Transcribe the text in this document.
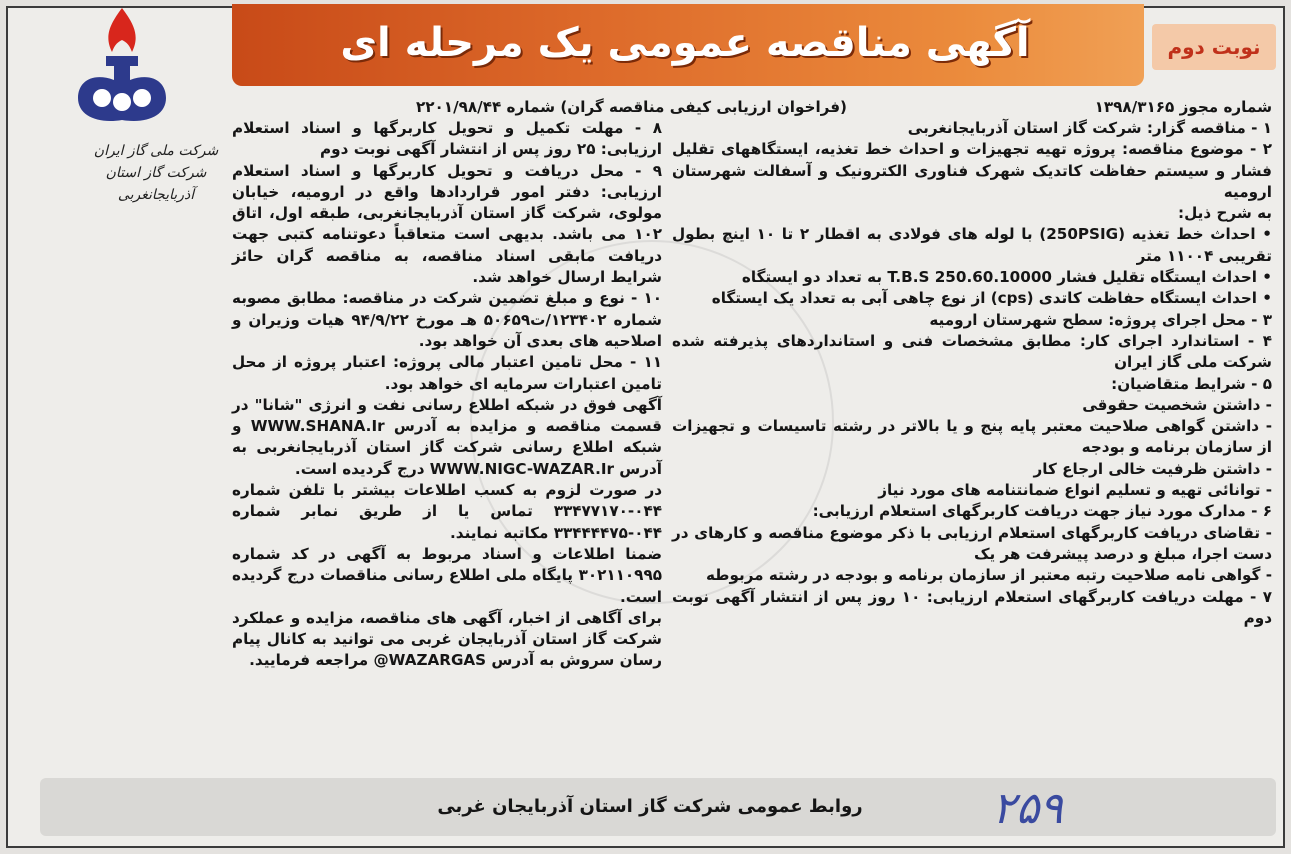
آگهی مناقصه عمومی یک مرحله ای	نوبت دوم
شرکت ملی گاز ایران
شرکت گاز استان آذربایجانغربی
شماره مجوز ۱۳۹۸/۳۱۶۵
(فراخوان ارزیابی کیفی مناقصه گران) شماره ۲۲۰۱/۹۸/۴۴

۱ - مناقصه گزار: شرکت گاز استان آذربایجانغربی

۲ - موضوع مناقصه: پروژه تهیه تجهیزات و احداث خط تغذیه، ایستگاههای تقلیل فشار و سیستم حفاظت کاتدیک شهرک فناوری الکترونیک و آسفالت شهرستان ارومیه

به شرح ذیل:

• احداث خط تغذیه (250PSIG) با لوله های فولادی به اقطار ۲ تا ۱۰ اینچ بطول تقریبی ۱۱۰۰۴ متر

• احداث ایستگاه تقلیل فشار T.B.S 250.60.10000 به تعداد دو ایستگاه

• احداث ایستگاه حفاظت کاتدی (cps) از نوع چاهی آبی به تعداد یک ایستگاه

۳ - محل اجرای پروژه: سطح شهرستان ارومیه

۴ - استاندارد اجرای کار: مطابق مشخصات فنی و استانداردهای پذیرفته شده شرکت ملی گاز ایران

۵ - شرایط متقاضیان:

- داشتن شخصیت حقوقی

- داشتن گواهی صلاحیت معتبر پایه پنج و یا بالاتر در رشته تاسیسات و تجهیزات از سازمان برنامه و بودجه

- داشتن ظرفیت خالی ارجاع کار

- توانائی تهیه و تسلیم انواع ضمانتنامه های مورد نیاز

۶ - مدارک مورد نیاز جهت دریافت کاربرگهای استعلام ارزیابی:

- تقاضای دریافت کاربرگهای استعلام ارزیابی با ذکر موضوع مناقصه و کارهای در دست اجرا، مبلغ و درصد پیشرفت هر یک

- گواهی نامه صلاحیت رتبه معتبر از سازمان برنامه و بودجه در رشته مربوطه

۷ - مهلت دریافت کاربرگهای استعلام ارزیابی: ۱۰ روز پس از انتشار آگهی نوبت دوم

۸ - مهلت تکمیل و تحویل کاربرگها و اسناد استعلام ارزیابی: ۲۵ روز پس از انتشار آگهی نوبت دوم

۹ - محل دریافت و تحویل کاربرگها و اسناد استعلام ارزیابی: دفتر امور قراردادها واقع در ارومیه، خیابان مولوی، شرکت گاز استان آذربایجانغربی، طبقه اول، اتاق ۱۰۲ می باشد. بدیهی است متعاقباً دعوتنامه کتبی جهت دریافت مابقی اسناد مناقصه، به مناقصه گران حائز شرایط ارسال خواهد شد.

۱۰ - نوع و مبلغ تضمین شرکت در مناقصه: مطابق مصوبه شماره ۱۲۳۴۰۲/ت۵۰۶۵۹ هـ مورخ ۹۴/۹/۲۲ هیات وزیران و اصلاحیه های بعدی آن خواهد بود.

۱۱ - محل تامین اعتبار مالی پروژه: اعتبار پروژه از محل تامین اعتبارات سرمایه ای خواهد بود.

آگهی فوق در شبکه اطلاع رسانی نفت و انرژی "شانا" در قسمت مناقصه و مزایده به آدرس WWW.SHANA.Ir و شبکه اطلاع رسانی شرکت گاز استان آذربایجانغربی به آدرس WWW.NIGC-WAZAR.Ir درج گردیده است.

در صورت لزوم به کسب اطلاعات بیشتر با تلفن شماره ۰۴۴-۳۳۴۷۷۱۷۰ تماس یا از طریق نمابر شماره ۰۴۴-۳۳۴۴۴۴۷۵ مکاتبه نمایند.

ضمنا اطلاعات و اسناد مربوط به آگهی در کد شماره ۳۰۲۱۱۰۹۹۵ پایگاه ملی اطلاع رسانی مناقصات درج گردیده است.

برای آگاهی از اخبار، آگهی های مناقصه، مزایده و عملکرد شرکت گاز استان آذربایجان غربی می توانید به کانال پیام رسان سروش به آدرس WAZARGAS@ مراجعه فرمایید.

روابط عمومی شرکت گاز استان آذربایجان غربی	۲۵۹
